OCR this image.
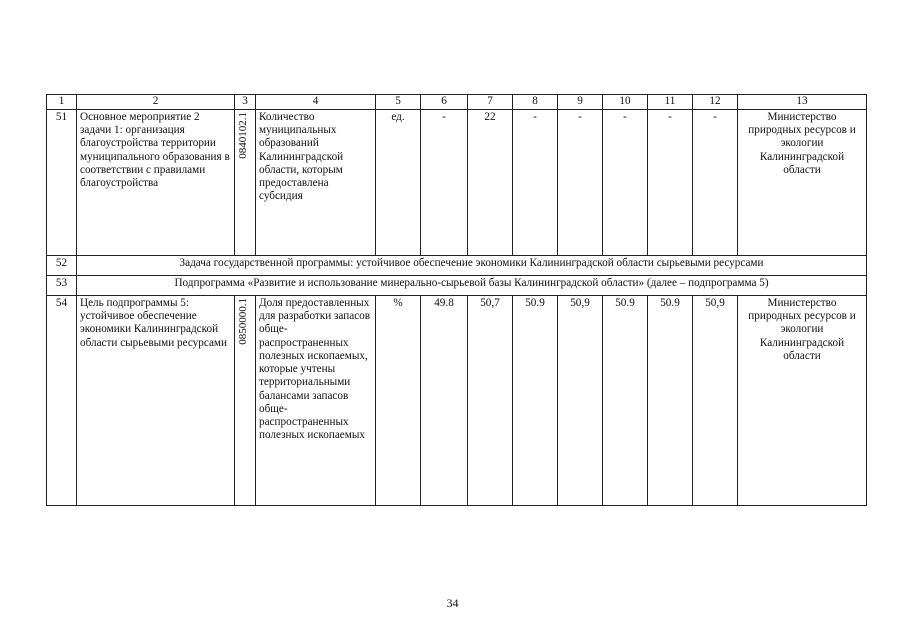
1	2	3	4	5	6	7	8	9	10	11	12	13
51	Основное мероприятие 2 задачи 1: организация благоустройства территории муниципального образования в соответствии с правилами благоустройства	0840102.1	Количество муниципальных образований Калининградской области, которым предоставлена субсидия	ед.	-	22	-	-	-	-	-	Министерство природных ресурсов и экологии Калининградской области
52	Задача государственной программы: устойчивое обеспечение экономики Калининградской области сырьевыми ресурсами											
53	Подпрограмма «Развитие и использование минерально-сырьевой базы Калининградской области» (далее – подпрограмма 5)											
54	Цель подпрограммы 5: устойчивое обеспечение экономики Калининградской области сырьевыми ресурсами	0850000.1	Доля предоставленных для разработки запасов обще-распространенных полезных ископаемых, которые учтены территориальными балансами запасов обще-распространенных полезных ископаемых	%	49.8	50,7	50.9	50,9	50.9	50.9	50,9	Министерство природных ресурсов и экологии Калининградской области
34
